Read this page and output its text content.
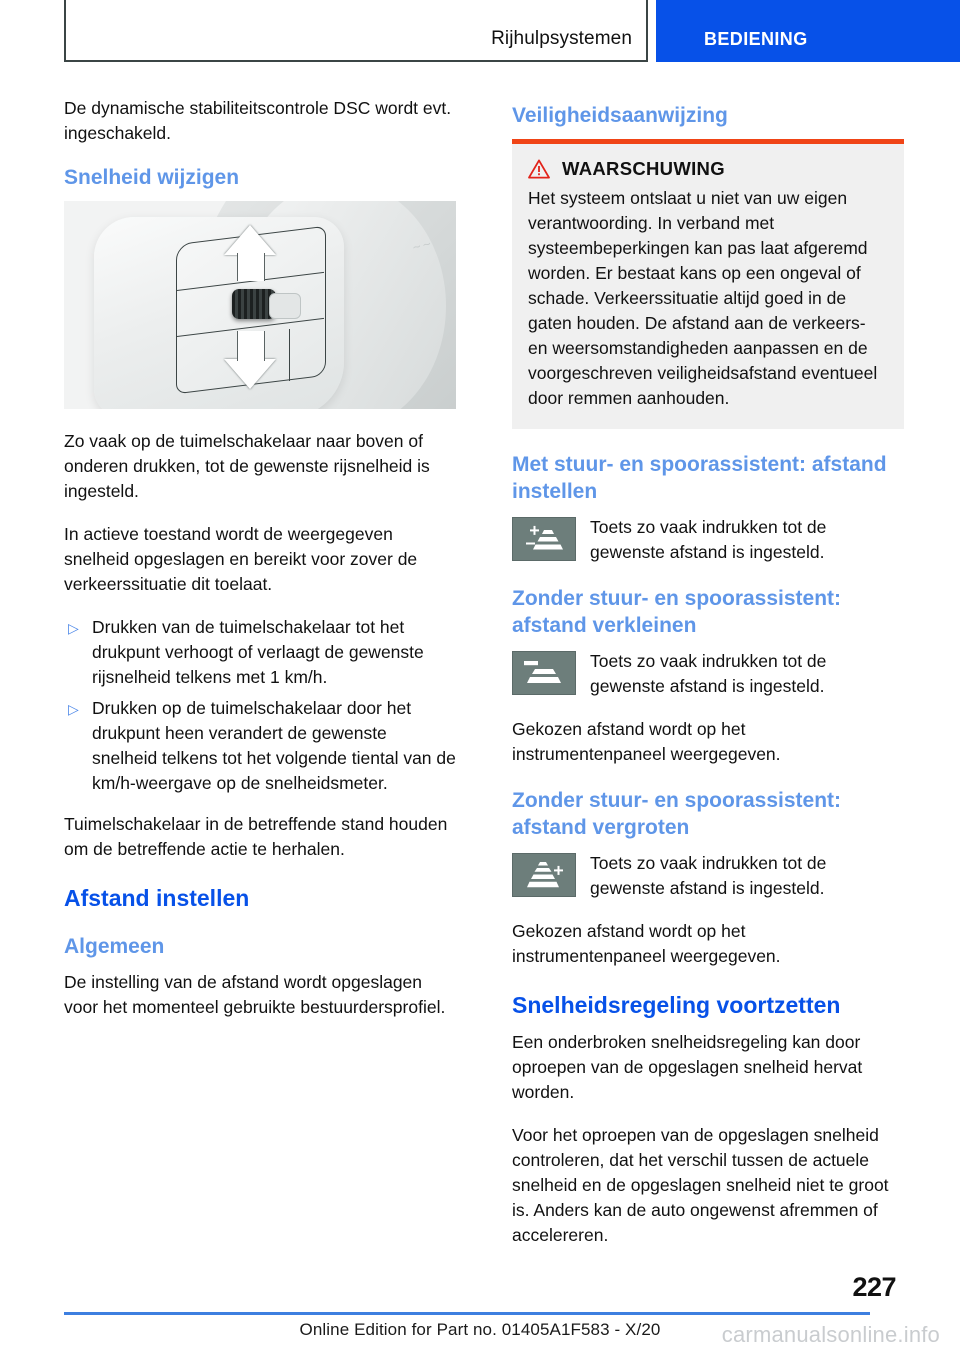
Rijhulpsystemen	BEDIENING

De dynamische stabiliteitscontrole DSC wordt evt. ingeschakeld.

Snelheid wijzigen
∼∼

Zo vaak op de tuimelschakelaar naar boven of onderen drukken, tot de gewenste rijsnelheid is ingesteld.

In actieve toestand wordt de weergegeven snelheid opgeslagen en bereikt voor zover de verkeerssituatie dit toelaat.

▷ Drukken van de tuimelschakelaar tot het drukpunt verhoogt of verlaagt de gewenste rijsnelheid telkens met 1 km/h.
▷ Drukken op de tuimelschakelaar door het drukpunt heen verandert de gewenste snelheid telkens tot het volgende tiental van de km/h-weergave op de snelheidsmeter.

Tuimelschakelaar in de betreffende stand houden om de betreffende actie te herhalen.

Afstand instellen
Algemeen

De instelling van de afstand wordt opgeslagen voor het momenteel gebruikte bestuurdersprofiel.

Veiligheidsaanwijzing
WAARSCHUWING

Het systeem ontslaat u niet van uw eigen verantwoording. In verband met systeembeperkingen kan pas laat afgeremd worden. Er bestaat kans op een ongeval of schade. Verkeerssituatie altijd goed in de gaten houden. De afstand aan de verkeers- en weersomstandigheden aanpassen en de voorgeschreven veiligheidsafstand eventueel door remmen aanhouden.

Met stuur- en spoorassistent: afstand instellen
Toets zo vaak indrukken tot de gewenste afstand is ingesteld.
Zonder stuur- en spoorassistent: afstand verkleinen
Toets zo vaak indrukken tot de gewenste afstand is ingesteld.

Gekozen afstand wordt op het instrumentenpaneel weergegeven.

Zonder stuur- en spoorassistent: afstand vergroten
Toets zo vaak indrukken tot de gewenste afstand is ingesteld.

Gekozen afstand wordt op het instrumentenpaneel weergegeven.

Snelheidsregeling voortzetten

Een onderbroken snelheidsregeling kan door oproepen van de opgeslagen snelheid hervat worden.

Voor het oproepen van de opgeslagen snelheid controleren, dat het verschil tussen de actuele snelheid en de opgeslagen snelheid niet te groot is. Anders kan de auto ongewenst afremmen of accelereren.

227
Online Edition for Part no. 01405A1F583 - X/20	carmanualsonline.info
